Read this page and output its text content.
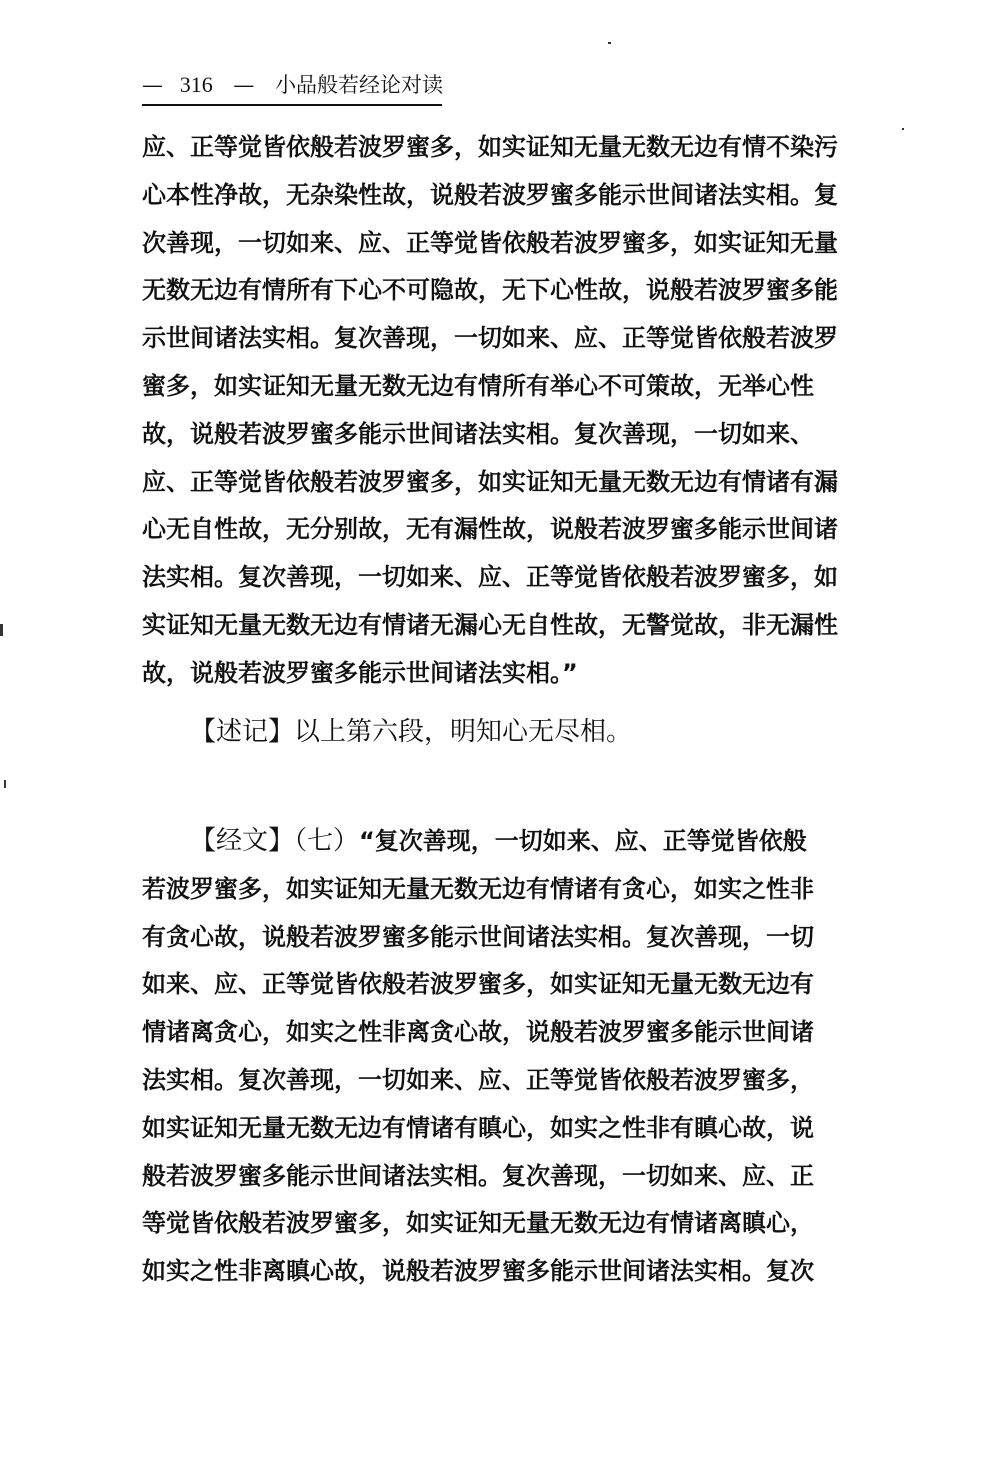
— 316 — 小品般若经论对读
应、正等觉皆依般若波罗蜜多，如实证知无量无数无边有情不染污
心本性净故，无杂染性故，说般若波罗蜜多能示世间诸法实相。复
次善现，一切如来、应、正等觉皆依般若波罗蜜多，如实证知无量
无数无边有情所有下心不可隐故，无下心性故，说般若波罗蜜多能
示世间诸法实相。复次善现，一切如来、应、正等觉皆依般若波罗
蜜多，如实证知无量无数无边有情所有举心不可策故，无举心性
故，说般若波罗蜜多能示世间诸法实相。复次善现，一切如来、
应、正等觉皆依般若波罗蜜多，如实证知无量无数无边有情诸有漏
心无自性故，无分别故，无有漏性故，说般若波罗蜜多能示世间诸
法实相。复次善现，一切如来、应、正等觉皆依般若波罗蜜多，如
实证知无量无数无边有情诸无漏心无自性故，无警觉故，非无漏性
故，说般若波罗蜜多能示世间诸法实相。”
【述记】以上第六段，明知心无尽相。
【经文】（七）“复次善现，一切如来、应、正等觉皆依般
若波罗蜜多，如实证知无量无数无边有情诸有贪心，如实之性非
有贪心故，说般若波罗蜜多能示世间诸法实相。复次善现，一切
如来、应、正等觉皆依般若波罗蜜多，如实证知无量无数无边有
情诸离贪心，如实之性非离贪心故，说般若波罗蜜多能示世间诸
法实相。复次善现，一切如来、应、正等觉皆依般若波罗蜜多，
如实证知无量无数无边有情诸有瞋心，如实之性非有瞋心故，说
般若波罗蜜多能示世间诸法实相。复次善现，一切如来、应、正
等觉皆依般若波罗蜜多，如实证知无量无数无边有情诸离瞋心，
如实之性非离瞋心故，说般若波罗蜜多能示世间诸法实相。复次
